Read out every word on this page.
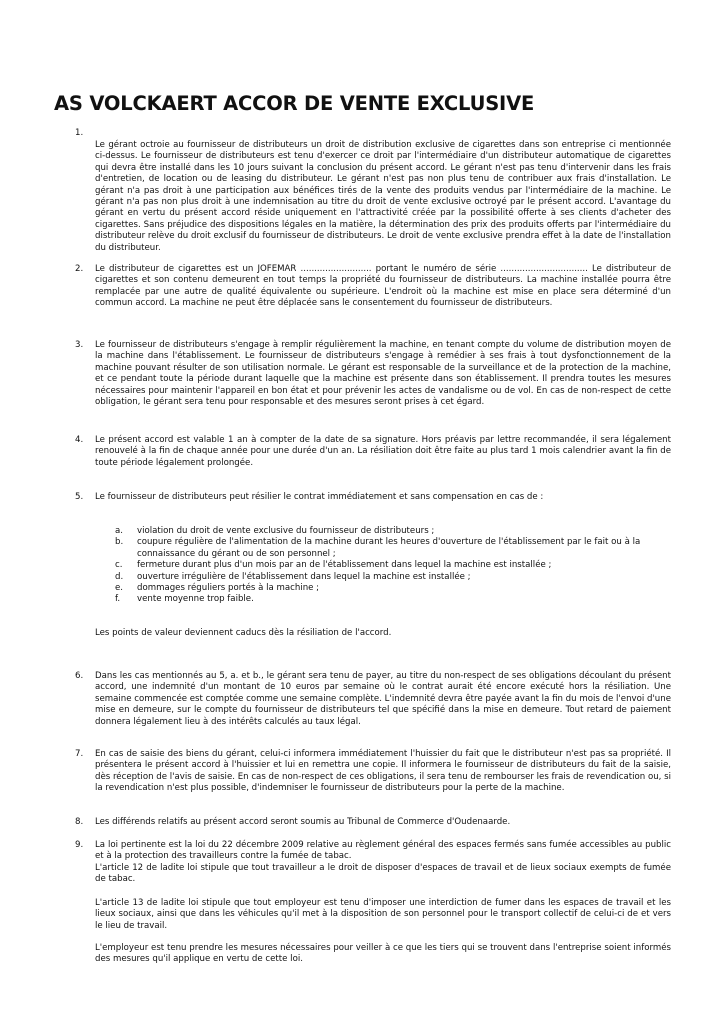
AS VOLCKAERT ACCOR DE VENTE EXCLUSIVE
1.

Le gérant octroie au fournisseur de distributeurs un droit de distribution exclusive de cigarettes dans son entreprise ci mentionnée ci-dessus. Le fournisseur de distributeurs est tenu d'exercer ce droit par l'intermédiaire d'un distributeur automatique de cigarettes qui devra être installé dans les 10 jours suivant la conclusion du présent accord. Le gérant n'est pas tenu d'intervenir dans les frais d'entretien, de location ou de leasing du distributeur. Le gérant n'est pas non plus tenu de contribuer aux frais d'installation. Le gérant n'a pas droit à une participation aux bénéfices tirés de la vente des produits vendus par l'intermédiaire de la machine. Le gérant n'a pas non plus droit à une indemnisation au titre du droit de vente exclusive octroyé par le présent accord. L'avantage du gérant en vertu du présent accord réside uniquement en l'attractivité créée par la possibilité offerte à ses clients d'acheter des cigarettes. Sans préjudice des dispositions légales en la matière, la détermination des prix des produits offerts par l'intermédiaire du distributeur relève du droit exclusif du fournisseur de distributeurs. Le droit de vente exclusive prendra effet à la date de l'installation du distributeur.

2. Le distributeur de cigarettes est un JOFEMAR .......................... portant le numéro de série ................................ Le distributeur de cigarettes et son contenu demeurent en tout temps la propriété du fournisseur de distributeurs. La machine installée pourra être remplacée par une autre de qualité équivalente ou supérieure. L'endroit où la machine est mise en place sera déterminé d'un commun accord. La machine ne peut être déplacée sans le consentement du fournisseur de distributeurs.

3. Le fournisseur de distributeurs s'engage à remplir régulièrement la machine, en tenant compte du volume de distribution moyen de la machine dans l'établissement. Le fournisseur de distributeurs s'engage à remédier à ses frais à tout dysfonctionnement de la machine pouvant résulter de son utilisation normale. Le gérant est responsable de la surveillance et de la protection de la machine, et ce pendant toute la période durant laquelle que la machine est présente dans son établissement. Il prendra toutes les mesures nécessaires pour maintenir l'appareil en bon état et pour prévenir les actes de vandalisme ou de vol. En cas de non-respect de cette obligation, le gérant sera tenu pour responsable et des mesures seront prises à cet égard.

4. Le présent accord est valable 1 an à compter de la date de sa signature. Hors préavis par lettre recommandée, il sera légalement renouvelé à la fin de chaque année pour une durée d'un an. La résiliation doit être faite au plus tard 1 mois calendrier avant la fin de toute période légalement prolongée.

5. Le fournisseur de distributeurs peut résilier le contrat immédiatement et sans compensation en cas de :

a. violation du droit de vente exclusive du fournisseur de distributeurs ;
b. coupure régulière de l'alimentation de la machine durant les heures d'ouverture de l'établissement par le fait ou à la connaissance du gérant ou de son personnel ;
c. fermeture durant plus d'un mois par an de l'établissement dans lequel la machine est installée ;
d. ouverture irrégulière de l'établissement dans lequel la machine est installée ;
e. dommages réguliers portés à la machine ;
f. vente moyenne trop faible.
Les points de valeur deviennent caducs dès la résiliation de l'accord.
6. Dans les cas mentionnés au 5, a. et b., le gérant sera tenu de payer, au titre du non-respect de ses obligations découlant du présent accord, une indemnité d'un montant de 10 euros par semaine où le contrat aurait été encore exécuté hors la résiliation. Une semaine commencée est comptée comme une semaine complète. L'indemnité devra être payée avant la fin du mois de l'envoi d'une mise en demeure, sur le compte du fournisseur de distributeurs tel que spécifié dans la mise en demeure. Tout retard de paiement donnera légalement lieu à des intérêts calculés au taux légal.

7. En cas de saisie des biens du gérant, celui-ci informera immédiatement l'huissier du fait que le distributeur n'est pas sa propriété. Il présentera le présent accord à l'huissier et lui en remettra une copie. Il informera le fournisseur de distributeurs du fait de la saisie, dès réception de l'avis de saisie. En cas de non-respect de ces obligations, il sera tenu de rembourser les frais de revendication ou, si la revendication n'est plus possible, d'indemniser le fournisseur de distributeurs pour la perte de la machine.

8. Les différends relatifs au présent accord seront soumis au Tribunal de Commerce d'Oudenaarde.

9. La loi pertinente est la loi du 22 décembre 2009 relative au règlement général des espaces fermés sans fumée accessibles au public et à la protection des travailleurs contre la fumée de tabac.

L'article 12 de ladite loi stipule que tout travailleur a le droit de disposer d'espaces de travail et de lieux sociaux exempts de fumée de tabac.

L'article 13 de ladite loi stipule que tout employeur est tenu d'imposer une interdiction de fumer dans les espaces de travail et les lieux sociaux, ainsi que dans les véhicules qu'il met à la disposition de son personnel pour le transport collectif de celui-ci de et vers le lieu de travail.

L'employeur est tenu prendre les mesures nécessaires pour veiller à ce que les tiers qui se trouvent dans l'entreprise soient informés des mesures qu'il applique en vertu de cette loi.
